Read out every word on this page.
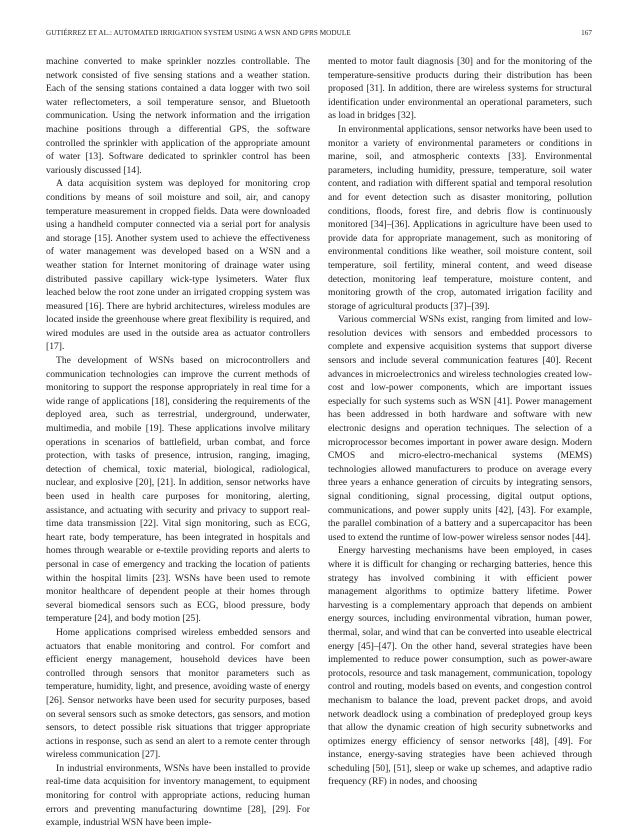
GUTIÉRREZ ET AL.: AUTOMATED IRRIGATION SYSTEM USING A WSN AND GPRS MODULE	167

machine converted to make sprinkler nozzles controllable. The network consisted of five sensing stations and a weather station. Each of the sensing stations contained a data logger with two soil water reflectometers, a soil temperature sensor, and Bluetooth communication. Using the network information and the irrigation machine positions through a differential GPS, the software controlled the sprinkler with application of the appropriate amount of water [13]. Software dedicated to sprinkler control has been variously discussed [14].

A data acquisition system was deployed for monitoring crop conditions by means of soil moisture and soil, air, and canopy temperature measurement in cropped fields. Data were downloaded using a handheld computer connected via a serial port for analysis and storage [15]. Another system used to achieve the effectiveness of water management was developed based on a WSN and a weather station for Internet monitoring of drainage water using distributed passive capillary wick-type lysimeters. Water flux leached below the root zone under an irrigated cropping system was measured [16]. There are hybrid architectures, wireless modules are located inside the greenhouse where great flexibility is required, and wired modules are used in the outside area as actuator controllers [17].

The development of WSNs based on microcontrollers and communication technologies can improve the current methods of monitoring to support the response appropriately in real time for a wide range of applications [18], considering the requirements of the deployed area, such as terrestrial, underground, underwater, multimedia, and mobile [19]. These applications involve military operations in scenarios of battlefield, urban combat, and force protection, with tasks of presence, intrusion, ranging, imaging, detection of chemical, toxic material, biological, radiological, nuclear, and explosive [20], [21]. In addition, sensor networks have been used in health care purposes for monitoring, alerting, assistance, and actuating with security and privacy to support real-time data transmission [22]. Vital sign monitoring, such as ECG, heart rate, body temperature, has been integrated in hospitals and homes through wearable or e-textile providing reports and alerts to personal in case of emergency and tracking the location of patients within the hospital limits [23]. WSNs have been used to remote monitor healthcare of dependent people at their homes through several biomedical sensors such as ECG, blood pressure, body temperature [24], and body motion [25].

Home applications comprised wireless embedded sensors and actuators that enable monitoring and control. For comfort and efficient energy management, household devices have been controlled through sensors that monitor parameters such as temperature, humidity, light, and presence, avoiding waste of energy [26]. Sensor networks have been used for security purposes, based on several sensors such as smoke detectors, gas sensors, and motion sensors, to detect possible risk situations that trigger appropriate actions in response, such as send an alert to a remote center through wireless communication [27].

In industrial environments, WSNs have been installed to provide real-time data acquisition for inventory management, to equipment monitoring for control with appropriate actions, reducing human errors and preventing manufacturing downtime [28], [29]. For example, industrial WSN have been imple-

mented to motor fault diagnosis [30] and for the monitoring of the temperature-sensitive products during their distribution has been proposed [31]. In addition, there are wireless systems for structural identification under environmental an operational parameters, such as load in bridges [32].

In environmental applications, sensor networks have been used to monitor a variety of environmental parameters or conditions in marine, soil, and atmospheric contexts [33]. Environmental parameters, including humidity, pressure, temperature, soil water content, and radiation with different spatial and temporal resolution and for event detection such as disaster monitoring, pollution conditions, floods, forest fire, and debris flow is continuously monitored [34]–[36]. Applications in agriculture have been used to provide data for appropriate management, such as monitoring of environmental conditions like weather, soil moisture content, soil temperature, soil fertility, mineral content, and weed disease detection, monitoring leaf temperature, moisture content, and monitoring growth of the crop, automated irrigation facility and storage of agricultural products [37]–[39].

Various commercial WSNs exist, ranging from limited and low-resolution devices with sensors and embedded processors to complete and expensive acquisition systems that support diverse sensors and include several communication features [40]. Recent advances in microelectronics and wireless technologies created low-cost and low-power components, which are important issues especially for such systems such as WSN [41]. Power management has been addressed in both hardware and software with new electronic designs and operation techniques. The selection of a microprocessor becomes important in power aware design. Modern CMOS and micro-electro-mechanical systems (MEMS) technologies allowed manufacturers to produce on average every three years a enhance generation of circuits by integrating sensors, signal conditioning, signal processing, digital output options, communications, and power supply units [42], [43]. For example, the parallel combination of a battery and a supercapacitor has been used to extend the runtime of low-power wireless sensor nodes [44].

Energy harvesting mechanisms have been employed, in cases where it is difficult for changing or recharging batteries, hence this strategy has involved combining it with efficient power management algorithms to optimize battery lifetime. Power harvesting is a complementary approach that depends on ambient energy sources, including environmental vibration, human power, thermal, solar, and wind that can be converted into useable electrical energy [45]–[47]. On the other hand, several strategies have been implemented to reduce power consumption, such as power-aware protocols, resource and task management, communication, topology control and routing, models based on events, and congestion control mechanism to balance the load, prevent packet drops, and avoid network deadlock using a combination of predeployed group keys that allow the dynamic creation of high security subnetworks and optimizes energy efficiency of sensor networks [48], [49]. For instance, energy-saving strategies have been achieved through scheduling [50], [51], sleep or wake up schemes, and adaptive radio frequency (RF) in nodes, and choosing
